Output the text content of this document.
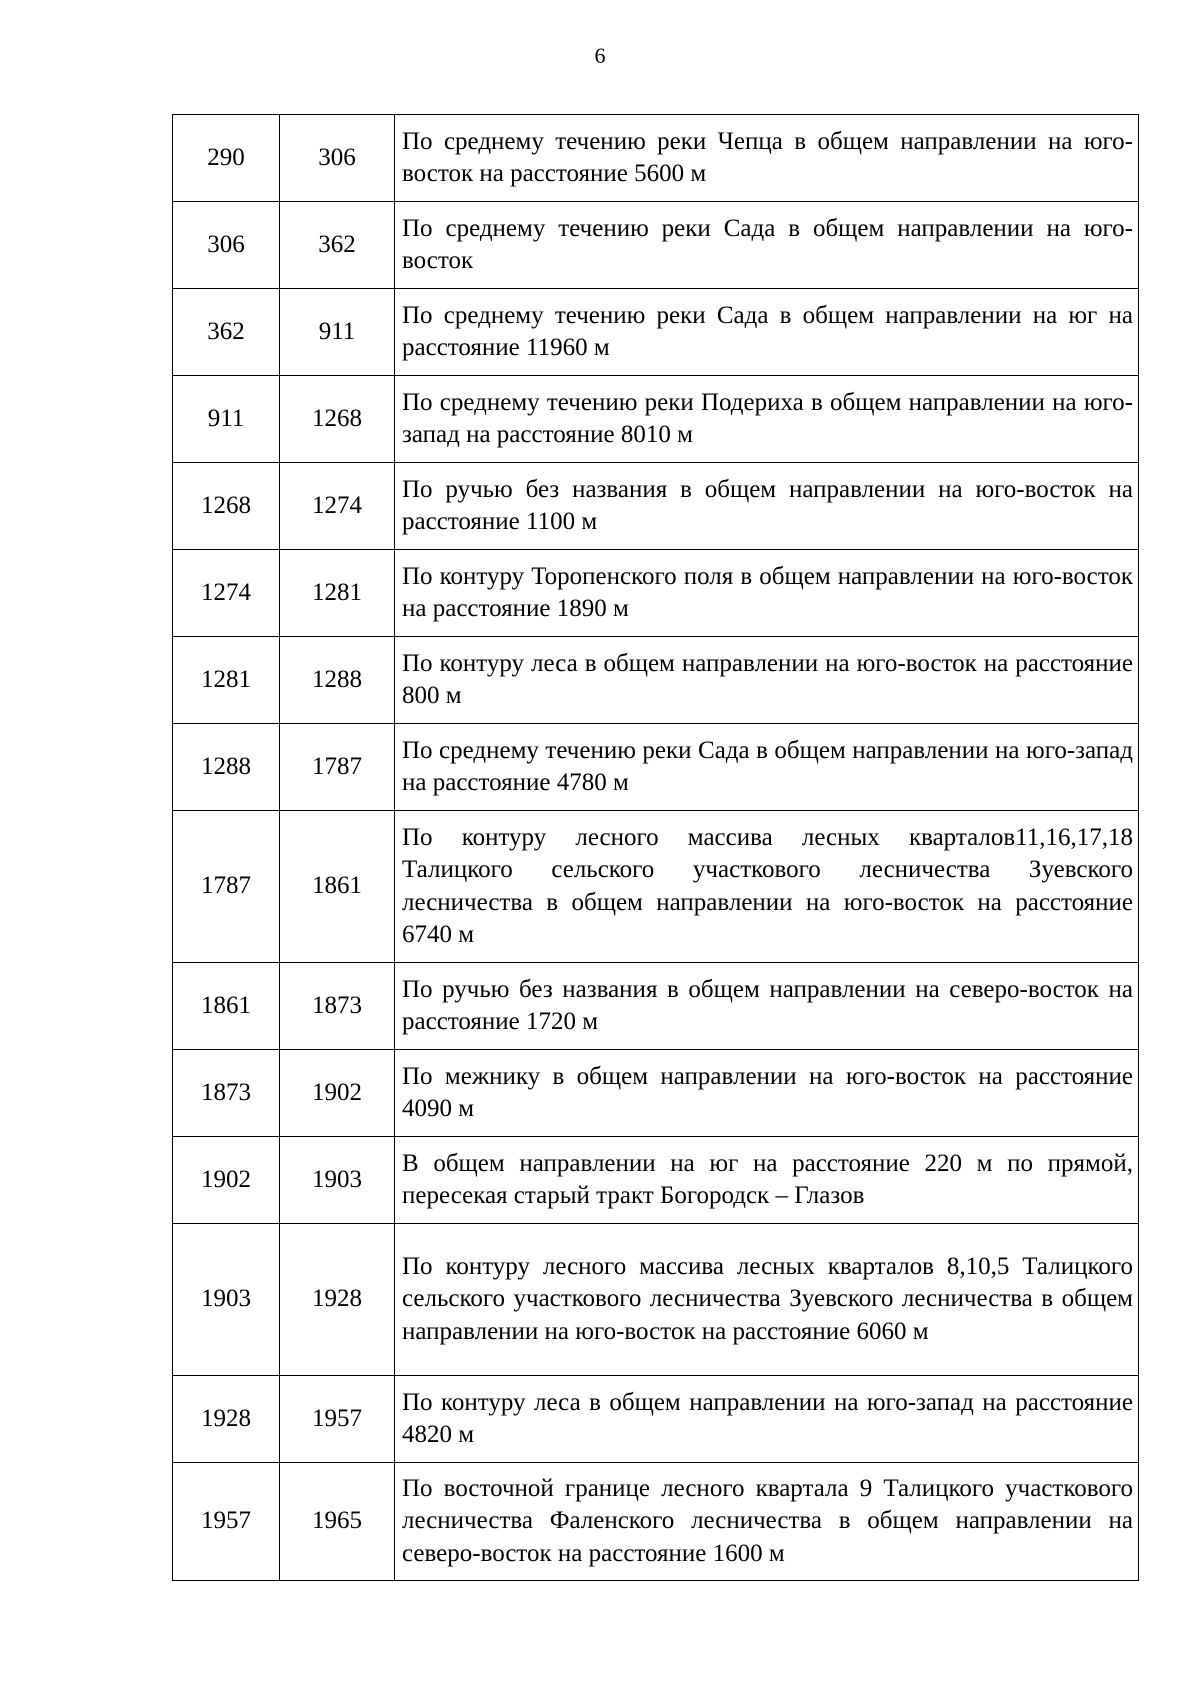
6
290	306	По среднему течению реки Чепца в общем направлении на юго-восток на расстояние 5600 м
306	362	По среднему течению реки Сада в общем направлении на юго-восток
362	911	По среднему течению реки Сада в общем направлении на юг на расстояние 11960 м
911	1268	По среднему течению реки Подериха в общем направлении на юго-запад на расстояние 8010 м
1268	1274	По ручью без названия в общем направлении на юго-восток на расстояние 1100 м
1274	1281	По контуру Торопенского поля в общем направлении на юго-восток на расстояние 1890 м
1281	1288	По контуру леса в общем направлении на юго-восток на расстояние 800 м
1288	1787	По среднему течению реки Сада в общем направлении на юго-запад на расстояние 4780 м
1787	1861	По контуру лесного массива лесных кварталов11,16,17,18 Талицкого сельского участкового лесничества Зуевского лесничества в общем направлении на юго-восток на расстояние 6740 м
1861	1873	По ручью без названия в общем направлении на северо-восток на расстояние 1720 м
1873	1902	По межнику в общем направлении на юго-восток на расстояние 4090 м
1902	1903	В общем направлении на юг на расстояние 220 м по прямой, пересекая старый тракт Богородск – Глазов
1903	1928	По контуру лесного массива лесных кварталов 8,10,5 Талицкого сельского участкового лесничества Зуевского лесничества в общем направлении на юго-восток на расстояние 6060 м
1928	1957	По контуру леса в общем направлении на юго-запад на расстояние 4820 м
1957	1965	По восточной границе лесного квартала 9 Талицкого участкового лесничества Фаленского лесничества в общем направлении на северо-восток на расстояние 1600 м
